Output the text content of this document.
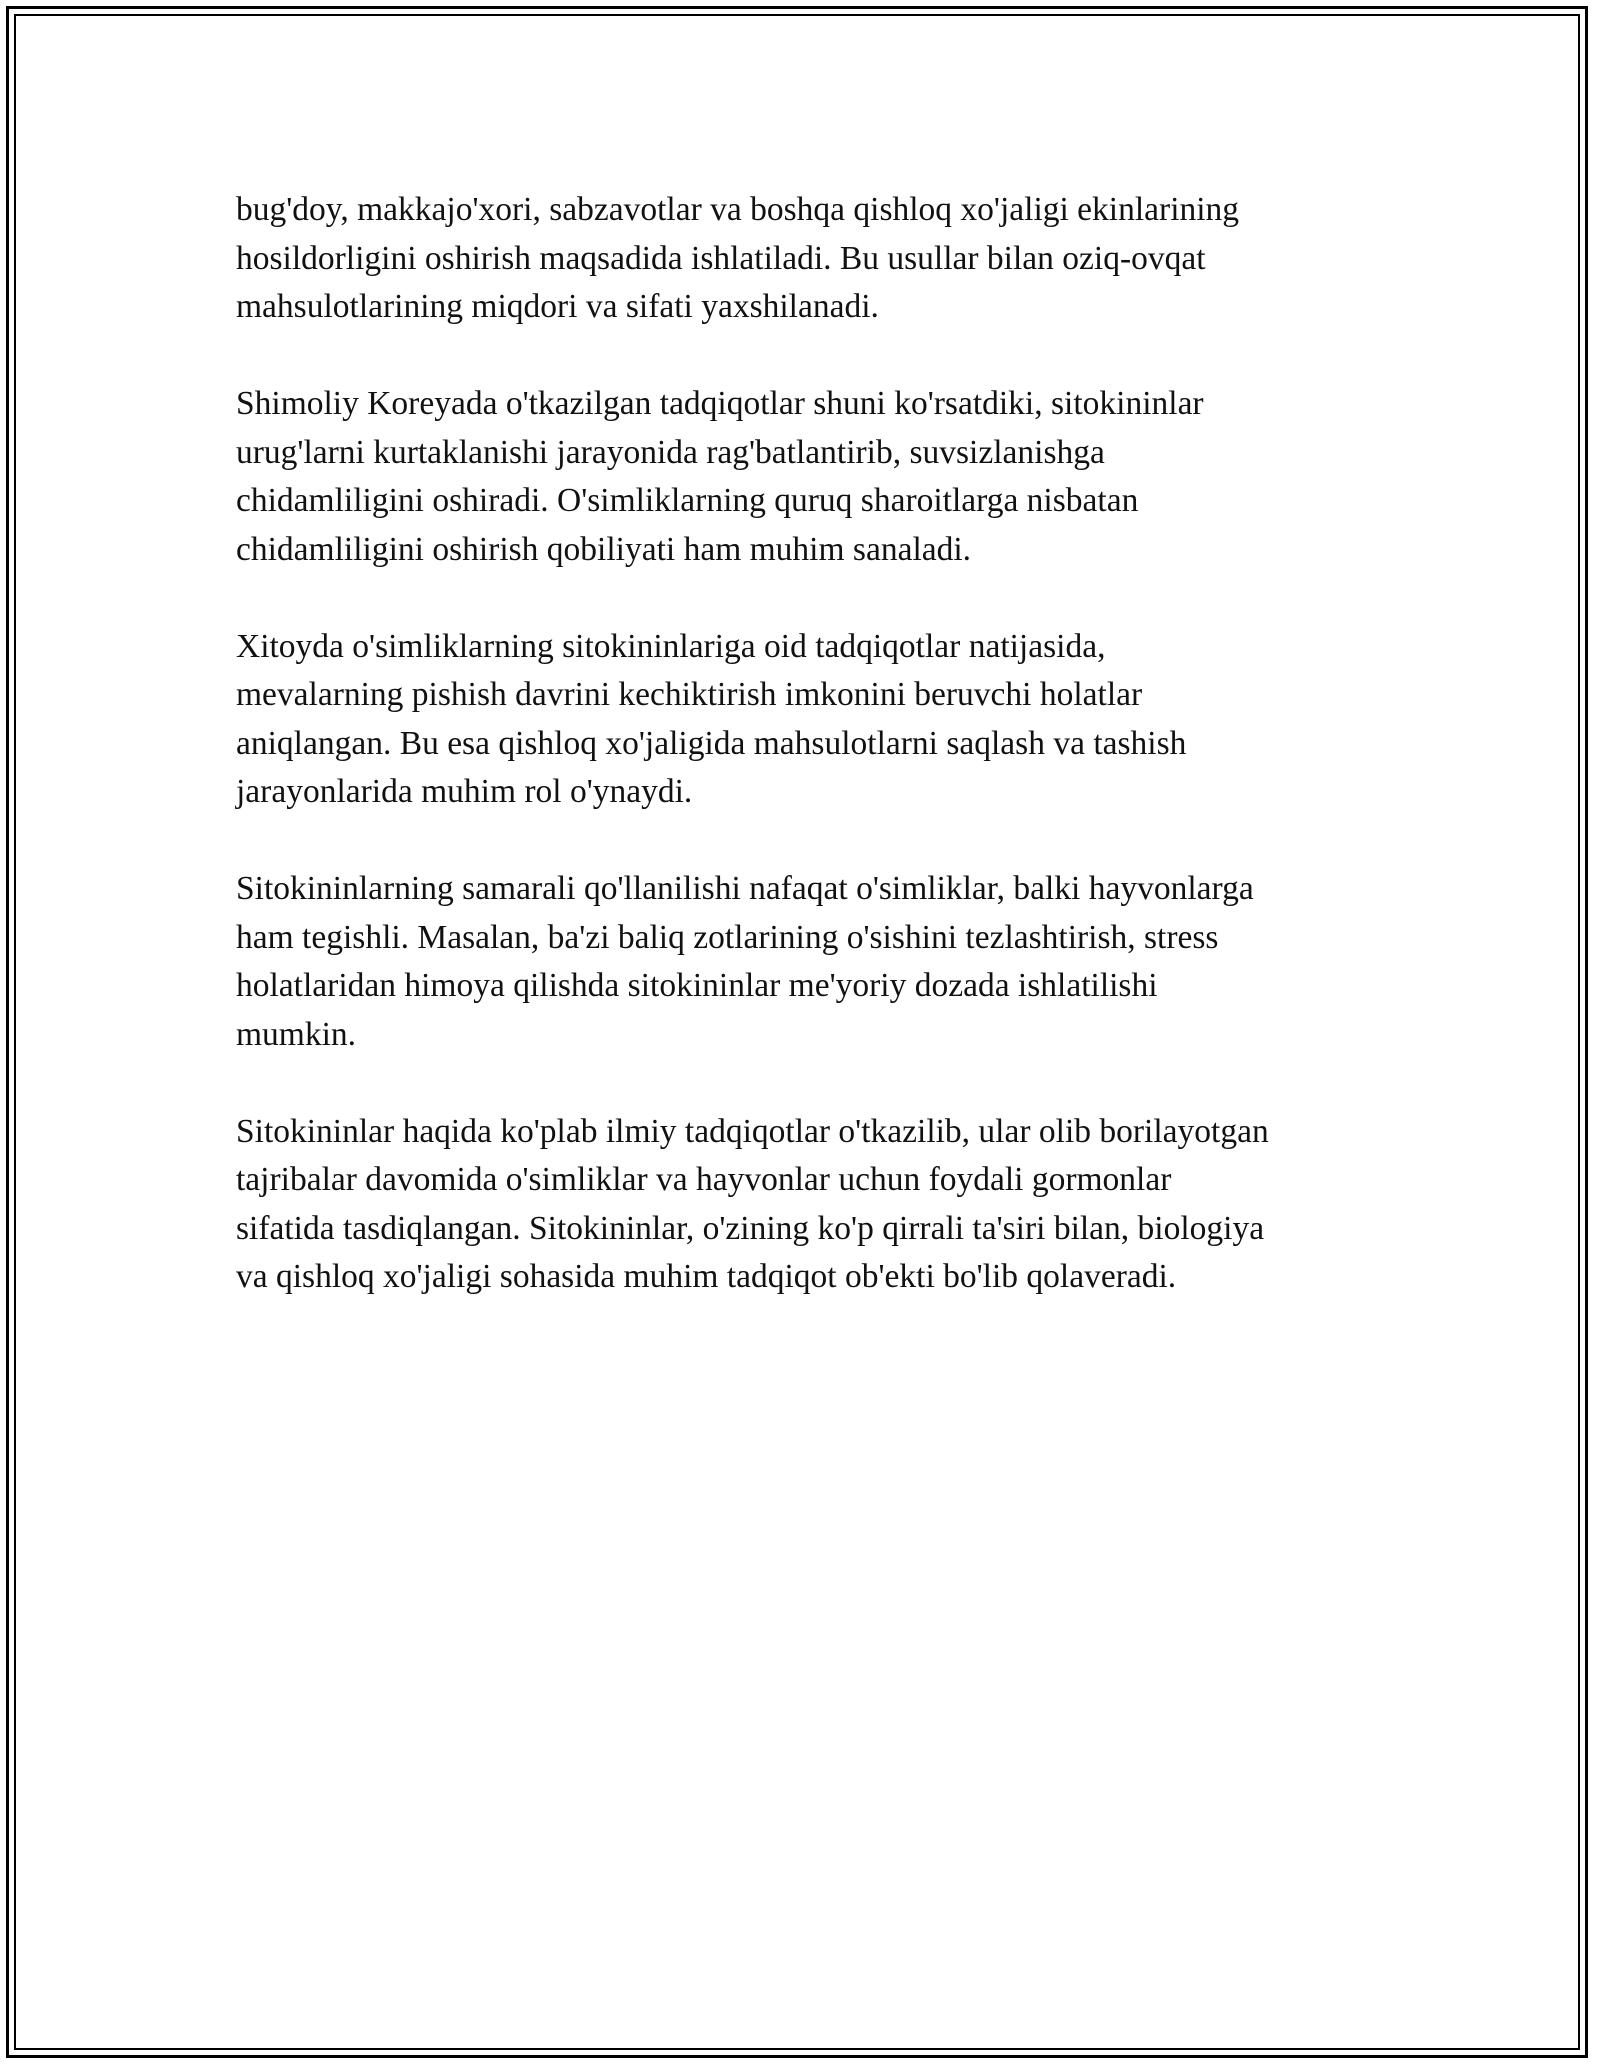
bug'doy, makkajo'xori, sabzavotlar va boshqa qishloq xo'jaligi ekinlarining
hosildorligini oshirish maqsadida ishlatiladi. Bu usullar bilan oziq-ovqat
mahsulotlarining miqdori va sifati yaxshilanadi.

Shimoliy Koreyada o'tkazilgan tadqiqotlar shuni ko'rsatdiki, sitokininlar
urug'larni kurtaklanishi jarayonida rag'batlantirib, suvsizlanishga
chidamliligini oshiradi. O'simliklarning quruq sharoitlarga nisbatan
chidamliligini oshirish qobiliyati ham muhim sanaladi.

Xitoyda o'simliklarning sitokininlariga oid tadqiqotlar natijasida,
mevalarning pishish davrini kechiktirish imkonini beruvchi holatlar
aniqlangan. Bu esa qishloq xo'jaligida mahsulotlarni saqlash va tashish
jarayonlarida muhim rol o'ynaydi.

Sitokininlarning samarali qo'llanilishi nafaqat o'simliklar, balki hayvonlarga
ham tegishli. Masalan, ba'zi baliq zotlarining o'sishini tezlashtirish, stress
holatlaridan himoya qilishda sitokininlar me'yoriy dozada ishlatilishi
mumkin.

Sitokininlar haqida ko'plab ilmiy tadqiqotlar o'tkazilib, ular olib borilayotgan
tajribalar davomida o'simliklar va hayvonlar uchun foydali gormonlar
sifatida tasdiqlangan. Sitokininlar, o'zining ko'p qirrali ta'siri bilan, biologiya
va qishloq xo'jaligi sohasida muhim tadqiqot ob'ekti bo'lib qolaveradi.
